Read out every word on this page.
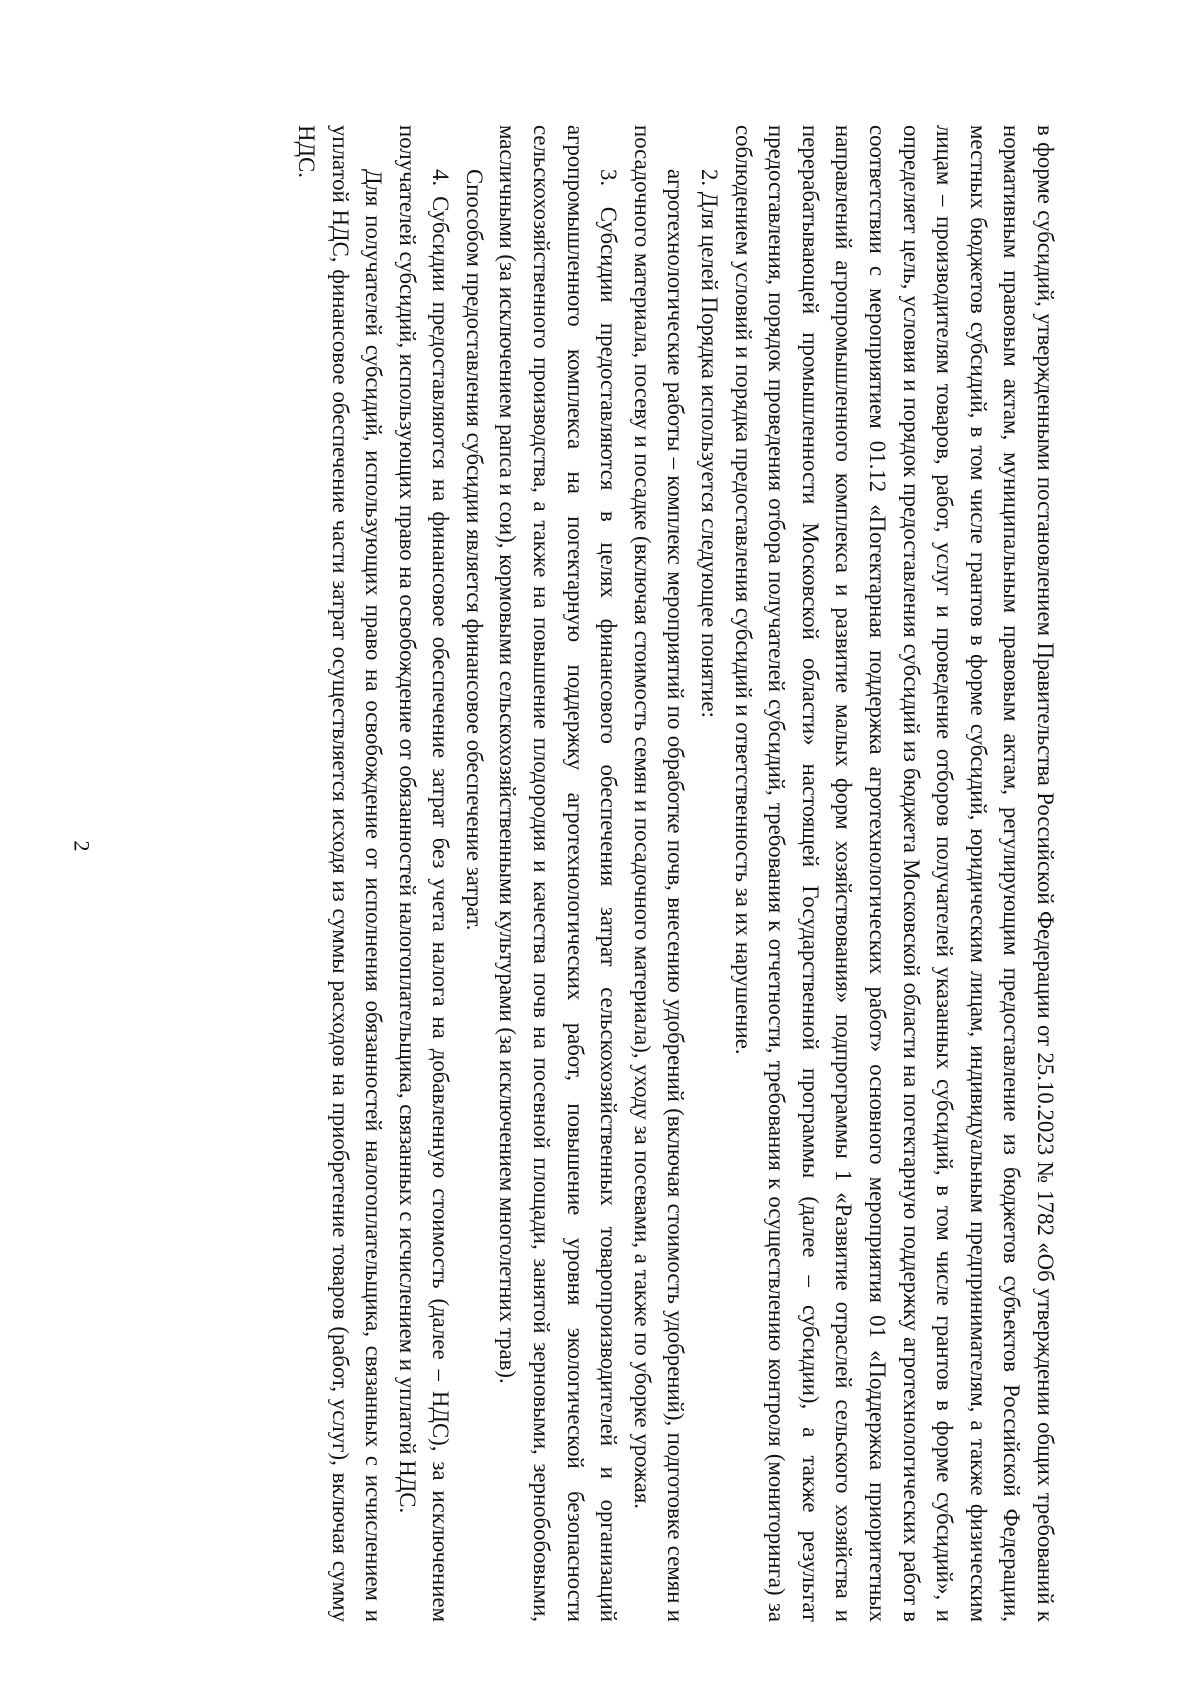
2	в форме субсидий, утвержденными постановлением Правительства Российской Федерации от 25.10.2023 № 1782 «Об утверждении общих требований к нормативным правовым актам, муниципальным правовым актам, регулирующим предоставление из бюджетов субъектов Российской Федерации, местных бюджетов субсидий, в том числе грантов в форме субсидий, юридическим лицам, индивидуальным предпринимателям, а также физическим лицам – производителям товаров, работ, услуг и проведение отборов получателей указанных субсидий, в том числе грантов в форме субсидий», и определяет цель, условия и порядок предоставления субсидий из бюджета Московской области на погектарную поддержку агротехнологических работ в соответствии с мероприятием 01.12 «Погектарная поддержка агротехнологических работ» основного мероприятия 01 «Поддержка приоритетных направлений агропромышленного комплекса и развитие малых форм хозяйствования» подпрограммы 1 «Развитие отраслей сельского хозяйства и перерабатывающей промышленности Московской области» настоящей Государственной программы (далее – субсидии), а также результат предоставления, порядок проведения отбора получателей субсидий, требования к отчетности, требования к осуществлению контроля (мониторинга) за соблюдением условий и порядка предоставления субсидий и ответственность за их нарушение.

2. Для целей Порядка используется следующее понятие:

агротехнологические работы – комплекс мероприятий по обработке почв, внесению удобрений (включая стоимость удобрений), подготовке семян и посадочного материала, посеву и посадке (включая стоимость семян и посадочного материала), уходу за посевами, а также по уборке урожая.

3. Субсидии предоставляются в целях финансового обеспечения затрат сельскохозяйственных товаропроизводителей и организаций агропромышленного комплекса на погектарную поддержку агротехнологических работ, повышение уровня экологической безопасности сельскохозяйственного производства, а также на повышение плодородия и качества почв на посевной площади, занятой зерновыми, зернобобовыми, масличными (за исключением рапса и сои), кормовыми сельскохозяйственными культурами (за исключением многолетних трав).

Способом предоставления субсидии является финансовое обеспечение затрат.

4. Субсидии предоставляются на финансовое обеспечение затрат без учета налога на добавленную стоимость (далее – НДС), за исключением получателей субсидий, использующих право на освобождение от обязанностей налогоплательщика, связанных с исчислением и уплатой НДС.

Для получателей субсидий, использующих право на освобождение от исполнения обязанностей налогоплательщика, связанных с исчислением и уплатой НДС, финансовое обеспечение части затрат осуществляется исходя из суммы расходов на приобретение товаров (работ, услуг), включая сумму НДС.
